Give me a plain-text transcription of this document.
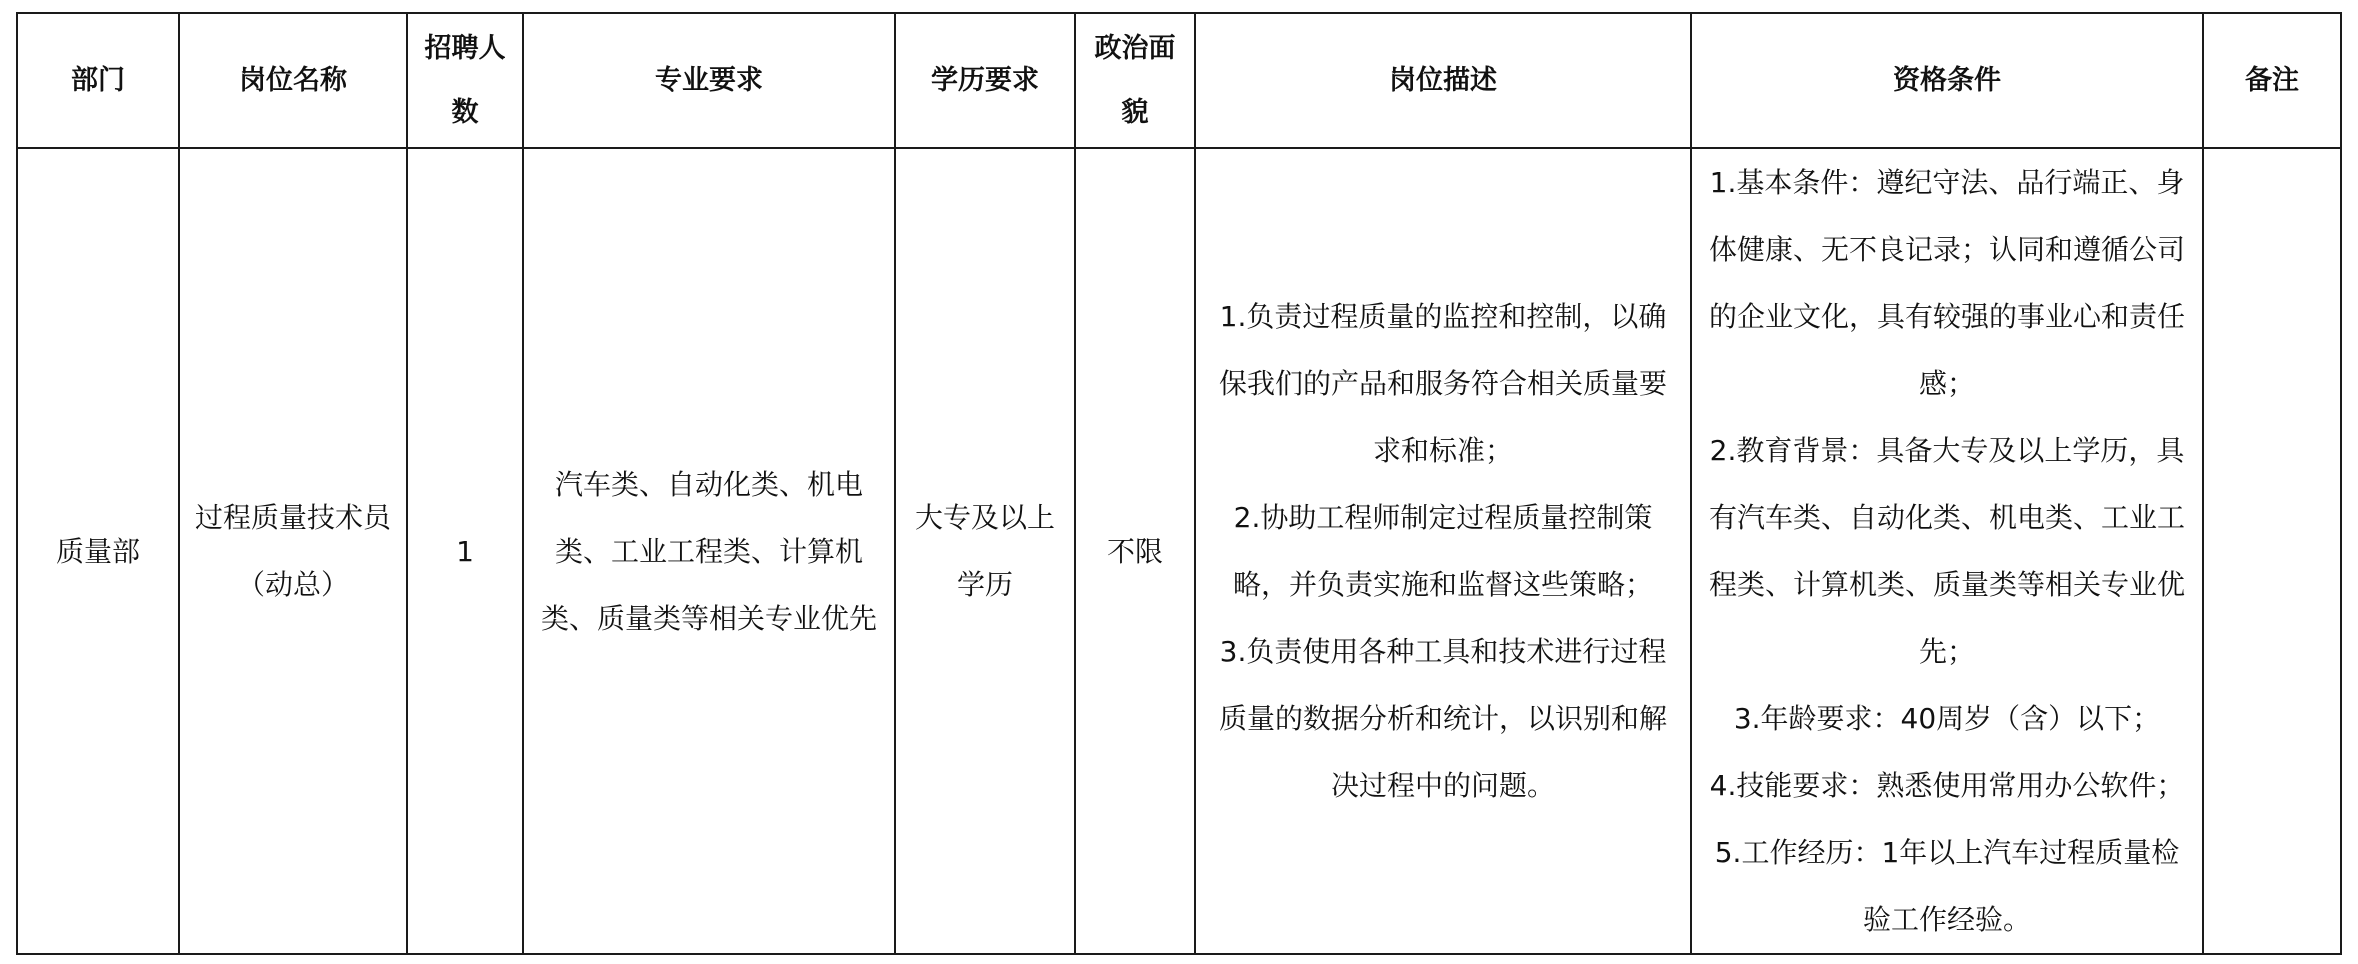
部门	岗位名称	招聘人数	专业要求	学历要求	政治面貌	岗位描述	资格条件	备注
质量部	过程质量技术员（动总）	1	汽车类、自动化类、机电类、工业工程类、计算机类、质量类等相关专业优先	大专及以上学历	不限	1.负责过程质量的监控和控制，以确保我们的产品和服务符合相关质量要求和标准；
2.协助工程师制定过程质量控制策略，并负责实施和监督这些策略；
3.负责使用各种工具和技术进行过程质量的数据分析和统计，以识别和解决过程中的问题。	1.基本条件：遵纪守法、品行端正、身体健康、无不良记录；认同和遵循公司的企业文化，具有较强的事业心和责任感；
2.教育背景：具备大专及以上学历，具有汽车类、自动化类、机电类、工业工程类、计算机类、质量类等相关专业优先；
3.年龄要求：40周岁（含）以下；
4.技能要求：熟悉使用常用办公软件；
5.工作经历：1年以上汽车过程质量检验工作经验。	
